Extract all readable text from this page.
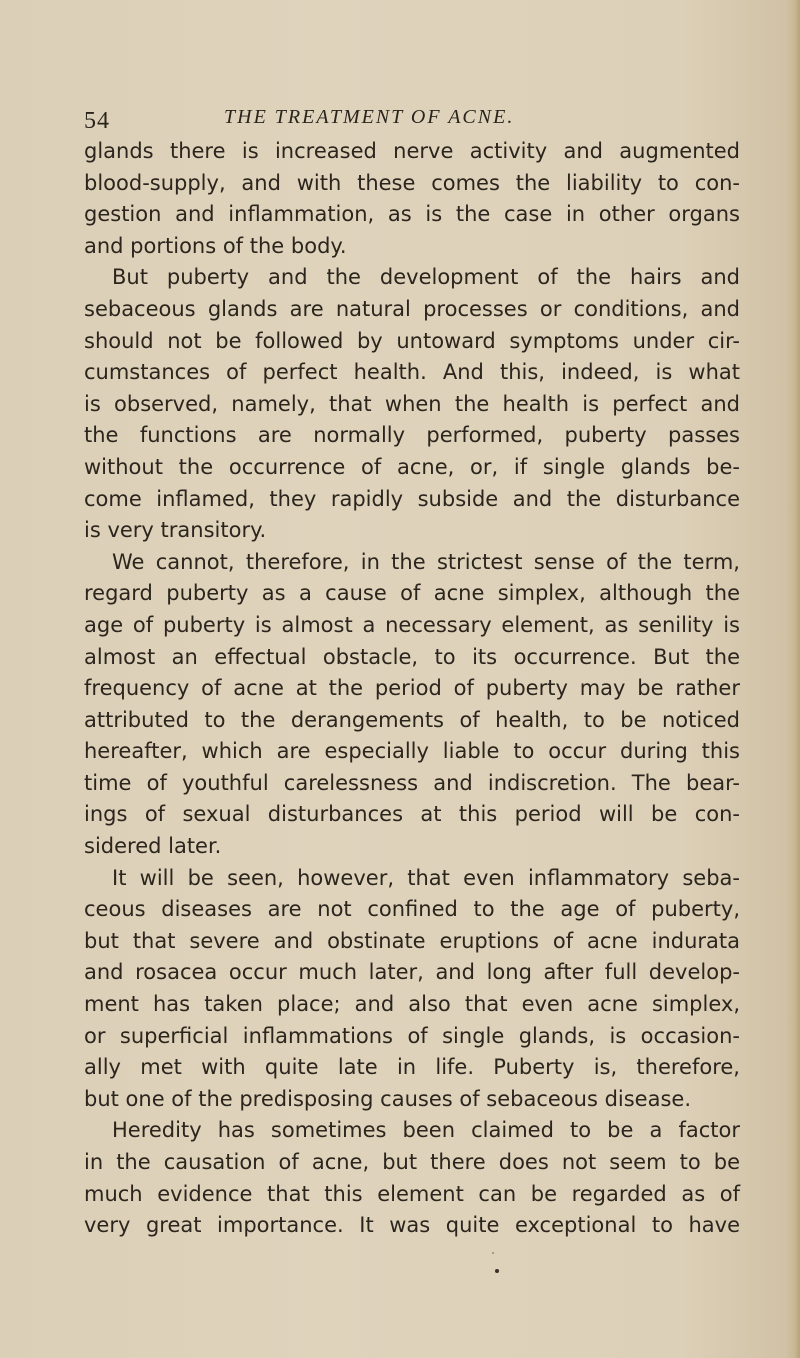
54	THE TREATMENT OF ACNE.
glands there is increased nerve activity and augmented
blood-supply, and with these comes the liability to con-
gestion and inflammation, as is the case in other organs
and portions of the body.
But puberty and the development of the hairs and
sebaceous glands are natural processes or conditions, and
should not be followed by untoward symptoms under cir-
cumstances of perfect health. And this, indeed, is what
is observed, namely, that when the health is perfect and
the functions are normally performed, puberty passes
without the occurrence of acne, or, if single glands be-
come inflamed, they rapidly subside and the disturbance
is very transitory.
We cannot, therefore, in the strictest sense of the term,
regard puberty as a cause of acne simplex, although the
age of puberty is almost a necessary element, as senility is
almost an effectual obstacle, to its occurrence. But the
frequency of acne at the period of puberty may be rather
attributed to the derangements of health, to be noticed
hereafter, which are especially liable to occur during this
time of youthful carelessness and indiscretion. The bear-
ings of sexual disturbances at this period will be con-
sidered later.
It will be seen, however, that even inflammatory seba-
ceous diseases are not confined to the age of puberty,
but that severe and obstinate eruptions of acne indurata
and rosacea occur much later, and long after full develop-
ment has taken place; and also that even acne simplex,
or superficial inflammations of single glands, is occasion-
ally met with quite late in life. Puberty is, therefore,
but one of the predisposing causes of sebaceous disease.
Heredity has sometimes been claimed to be a factor
in the causation of acne, but there does not seem to be
much evidence that this element can be regarded as of
very great importance. It was quite exceptional to have
